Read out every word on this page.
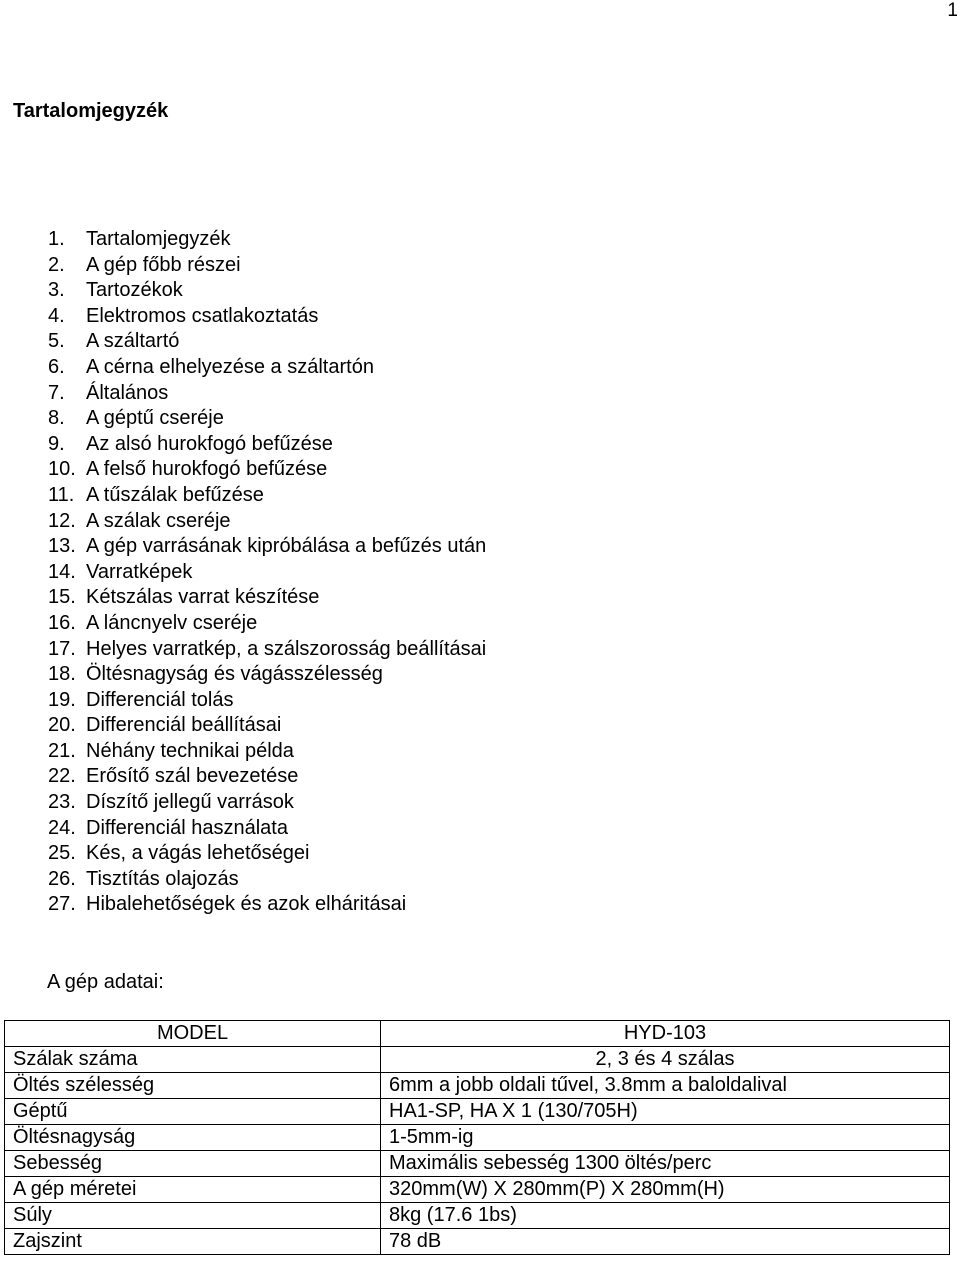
1
Tartalomjegyzék
1.	Tartalomjegyzék
2.	A gép főbb részei
3.	Tartozékok
4.	Elektromos csatlakoztatás
5.	A száltartó
6.	A cérna elhelyezése a száltartón
7.	Általános
8.	A géptű cseréje
9.	Az alsó hurokfogó befűzése
10. A felső hurokfogó befűzése
11. A tűszálak befűzése
12. A szálak cseréje
13. A gép varrásának kipróbálása a befűzés után
14. Varratképek
15. Kétszálas varrat készítése
16. A láncnyelv cseréje
17. Helyes varratkép, a szálszorosság beállításai
18. Öltésnagyság és vágásszélesség
19. Differenciál tolás
20. Differenciál beállításai
21. Néhány technikai példa
22. Erősítő szál bevezetése
23. Díszítő jellegű varrások
24. Differenciál használata
25. Kés, a vágás lehetőségei
26. Tisztítás olajozás
27. Hibalehetőségek és azok elháritásai
A gép adatai:
MODEL	HYD-103
Szálak száma	2, 3 és 4 szálas
Öltés szélesség	6mm a jobb oldali tűvel, 3.8mm a baloldalival
Géptű	HA1-SP, HA X 1 (130/705H)
Öltésnagyság	1-5mm-ig
Sebesség	Maximális sebesség 1300 öltés/perc
A gép méretei	320mm(W) X 280mm(P) X 280mm(H)
Súly	8kg (17.6 1bs)
Zajszint	78 dB
